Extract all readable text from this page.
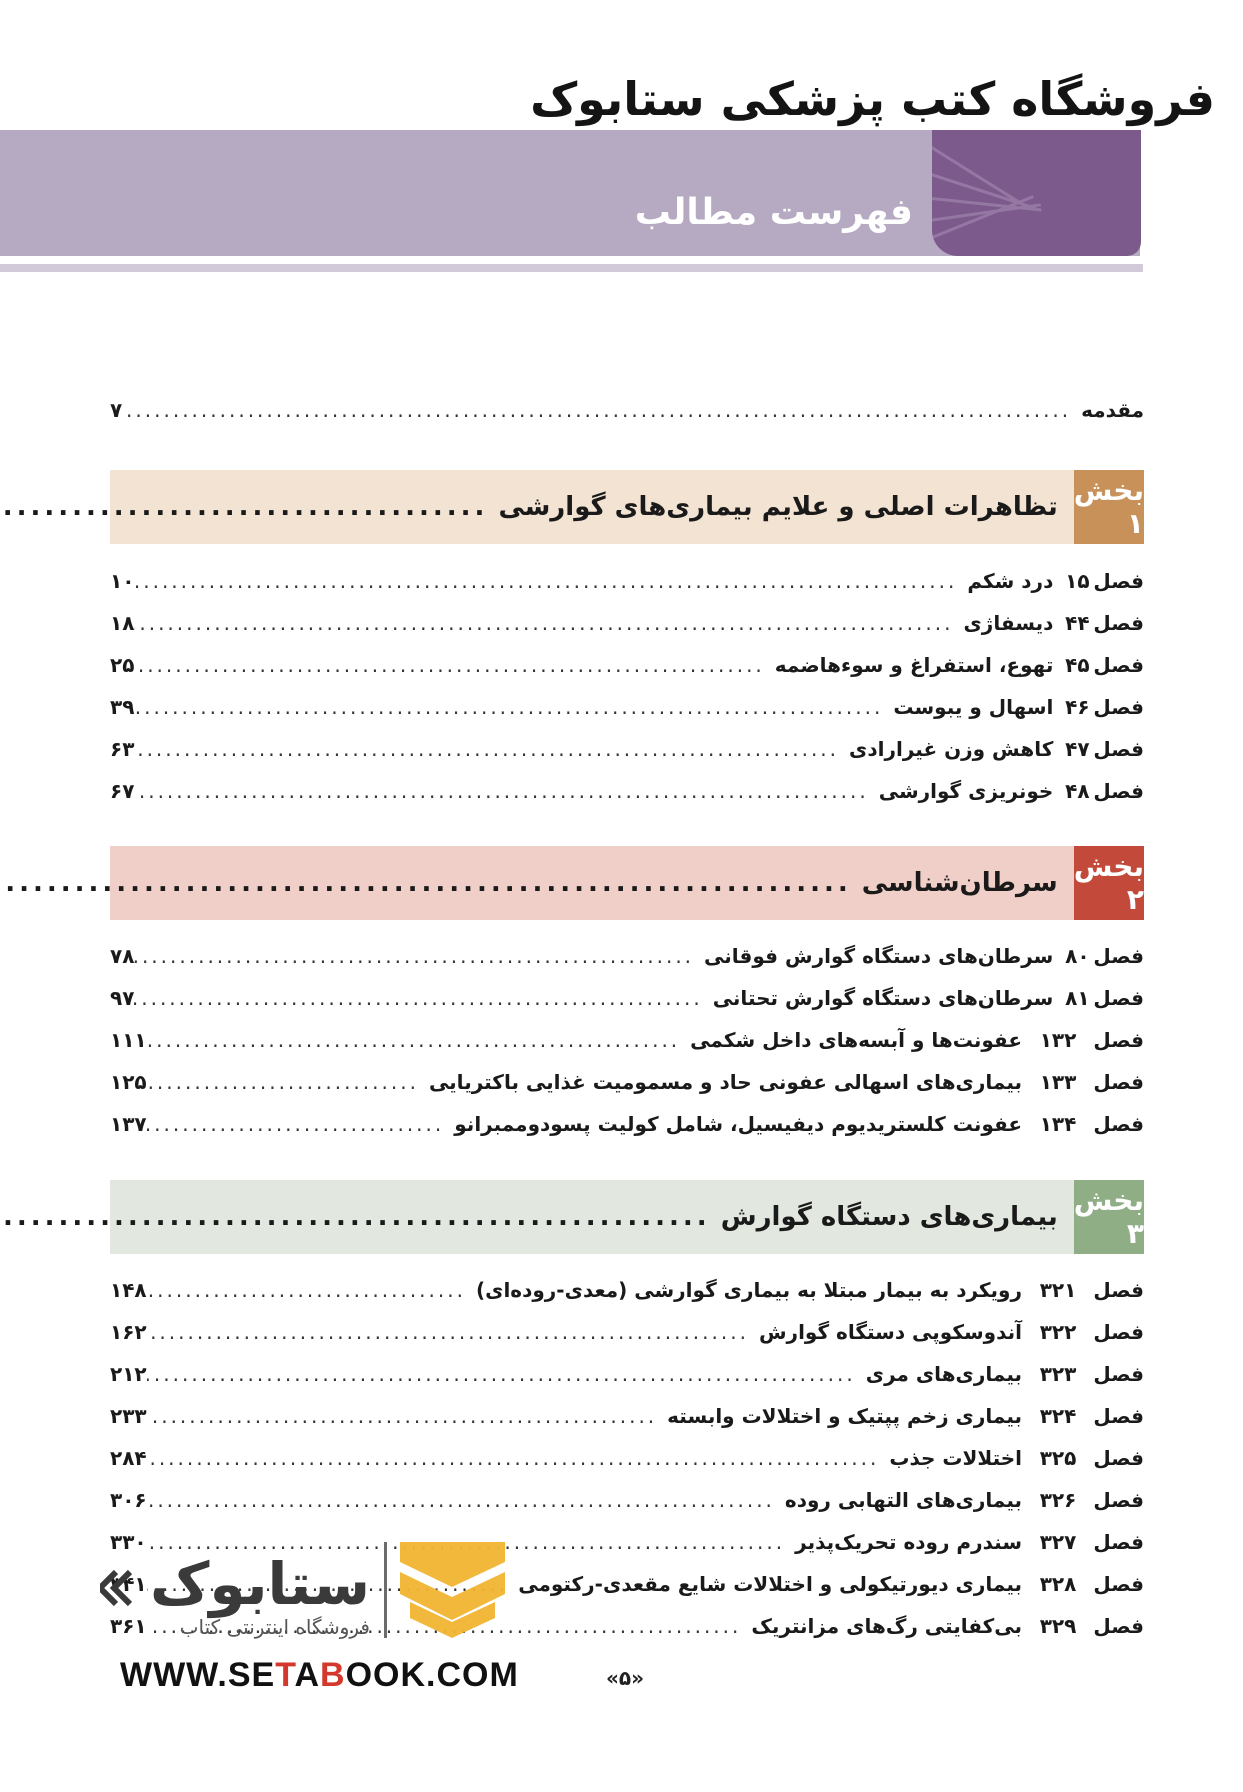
فروشگاه کتب پزشکی ستابوک
فهرست مطالب
مقدمه
.....
۷
بخش ۱
تظاهرات اصلی و علایم بیماری‌های گوارشی
.....
فصل
۱۵
درد شکم
.....
۱۰
فصل
۴۴
دیسفاژی
.....
۱۸
فصل
۴۵
تهوع، استفراغ و سوءهاضمه
.....
۲۵
فصل
۴۶
اسهال و یبوست
.....
۳۹
فصل
۴۷
کاهش وزن غیرارادی
.....
۶۳
فصل
۴۸
خونریزی گوارشی
.....
۶۷
بخش ۲
سرطان‌شناسی
.....
فصل
۸۰
سرطان‌های دستگاه گوارش فوقانی
.....
۷۸
فصل
۸۱
سرطان‌های دستگاه گوارش تحتانی
.....
۹۷
فصل
۱۳۲
عفونت‌ها و آبسه‌های داخل شکمی
.....
۱۱۱
فصل
۱۳۳
بیماری‌های اسهالی عفونی حاد و مسمومیت غذایی باکتریایی
.....
۱۲۵
فصل
۱۳۴
عفونت کلستریدیوم دیفیسیل، شامل کولیت پسودوممبرانو
.....
۱۳۷
بخش ۳
بیماری‌های دستگاه گوارش
.....
فصل
۳۲۱
رویکرد به بیمار مبتلا به بیماری گوارشی (معدی-روده‌ای)
.....
۱۴۸
فصل
۳۲۲
آندوسکوپی دستگاه گوارش
.....
۱۶۲
فصل
۳۲۳
بیماری‌های مری
.....
۲۱۲
فصل
۳۲۴
بیماری زخم پپتیک و اختلالات وابسته
.....
۲۳۳
فصل
۳۲۵
اختلالات جذب
.....
۲۸۴
فصل
۳۲۶
بیماری‌های التهابی روده
.....
۳۰۶
فصل
۳۲۷
سندرم روده تحریک‌پذیر
.....
۳۳۰
فصل
۳۲۸
بیماری دیورتیکولی و اختلالات شایع مقعدی-رکتومی
.....
۳۴۱
فصل
۳۲۹
بی‌کفایتی رگ‌های مزانتریک
.....
۳۶۱
ستابوک
فروشگاه اینترنتی کتاب
WWW.SETABOOK.COM	«۵»
